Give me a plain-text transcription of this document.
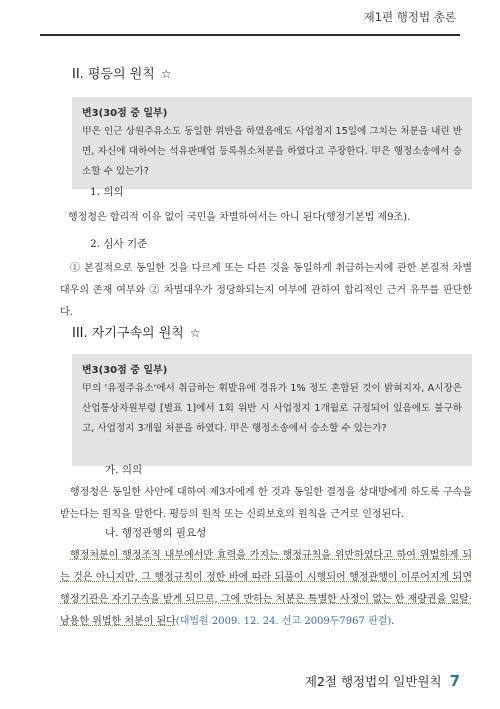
제1편 행정법 총론
II. 평등의 원칙 ☆
변3(30점 중 일부)

甲은 인근 상원주유소도 동일한 위반을 하였음에도 사업정지 15일에 그치는 처분을 내린 반면, 자신에 대하여는 석유판매업 등록취소처분을 하였다고 주장한다. 甲은 행정소송에서 승소할 수 있는가?

1. 의의
행정청은 합리적 이유 없이 국민을 차별하여서는 아니 된다(행정기본법 제9조).
2. 심사 기준
① 본질적으로 동일한 것을 다르게 또는 다른 것을 동일하게 취급하는지에 관한 본질적 차별대우의 존재 여부와 ② 차별대우가 정당화되는지 여부에 관하여 합리적인 근거 유무를 판단한다.
III. 자기구속의 원칙 ☆
변3(30점 중 일부)

甲의 '유정주유소'에서 취급하는 휘발유에 경유가 1% 정도 혼합된 것이 밝혀지자, A시장은 산업통상자원부령 [별표 1]에서 1회 위반 시 사업정지 1개월로 규정되어 있음에도 불구하고, 사업정지 3개월 처분을 하였다. 甲은 행정소송에서 승소할 수 있는가?

가. 의의
행정청은 동일한 사안에 대하여 제3자에게 한 것과 동일한 결정을 상대방에게 하도록 구속을 받는다는 원칙을 말한다. 평등의 원칙 또는 신뢰보호의 원칙을 근거로 인정된다.
나. 행정관행의 필요성
행정처분이 행정조직 내부에서만 효력을 가지는 행정규칙을 위반하였다고 하여 위법하게 되는 것은 아니지만, 그 행정규칙이 정한 바에 따라 되풀이 시행되어 행정관행이 이루어지게 되면 행정기관은 자기구속을 받게 되므로, 그에 반하는 처분은 특별한 사정이 없는 한 재량권을 일탈·남용한 위법한 처분이 된다(대법원 2009. 12. 24. 선고 2009두7967 판결).
제2절 행정법의 일반원칙 7
